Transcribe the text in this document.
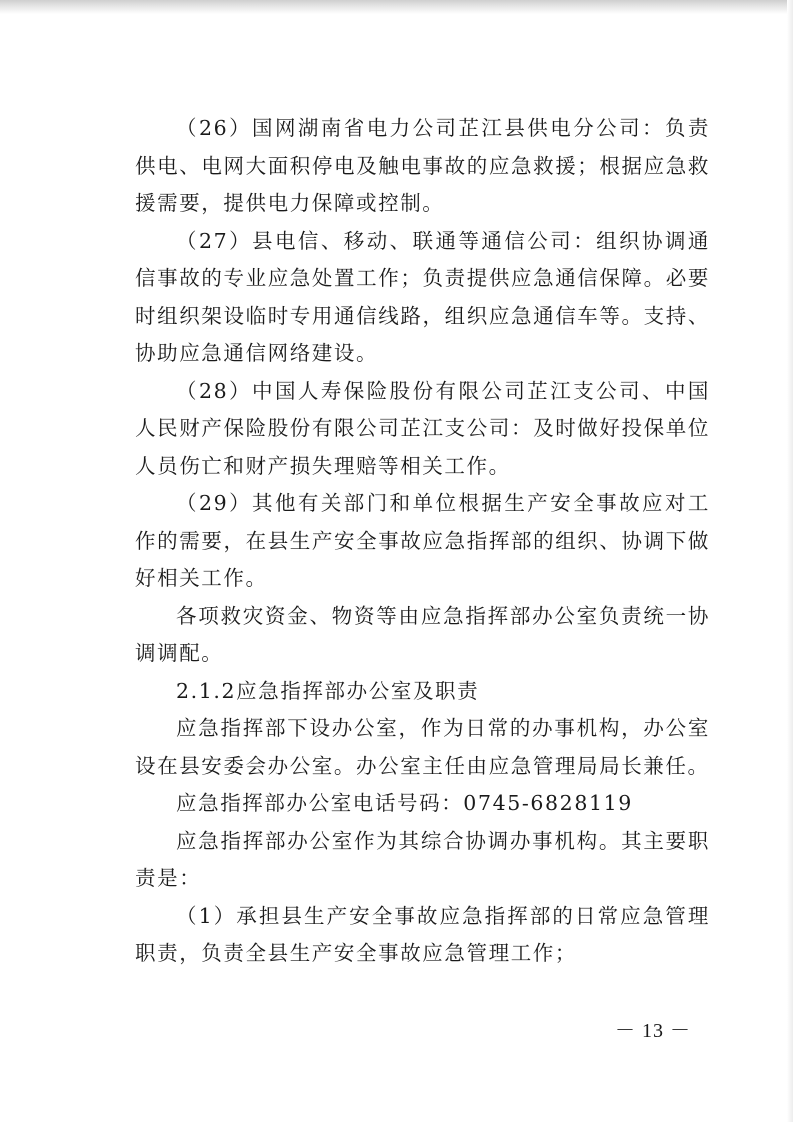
（26）国网湖南省电力公司芷江县供电分公司：负责供电、电网大面积停电及触电事故的应急救援；根据应急救援需要，提供电力保障或控制。

（27）县电信、移动、联通等通信公司：组织协调通信事故的专业应急处置工作；负责提供应急通信保障。必要时组织架设临时专用通信线路，组织应急通信车等。支持、协助应急通信网络建设。

（28）中国人寿保险股份有限公司芷江支公司、中国人民财产保险股份有限公司芷江支公司：及时做好投保单位人员伤亡和财产损失理赔等相关工作。

（29）其他有关部门和单位根据生产安全事故应对工作的需要，在县生产安全事故应急指挥部的组织、协调下做好相关工作。

各项救灾资金、物资等由应急指挥部办公室负责统一协调调配。

2.1.2应急指挥部办公室及职责

应急指挥部下设办公室，作为日常的办事机构，办公室设在县安委会办公室。办公室主任由应急管理局局长兼任。

应急指挥部办公室电话号码：0745-6828119

应急指挥部办公室作为其综合协调办事机构。其主要职责是：

（1）承担县生产安全事故应急指挥部的日常应急管理职责，负责全县生产安全事故应急管理工作；

－ 13 －
